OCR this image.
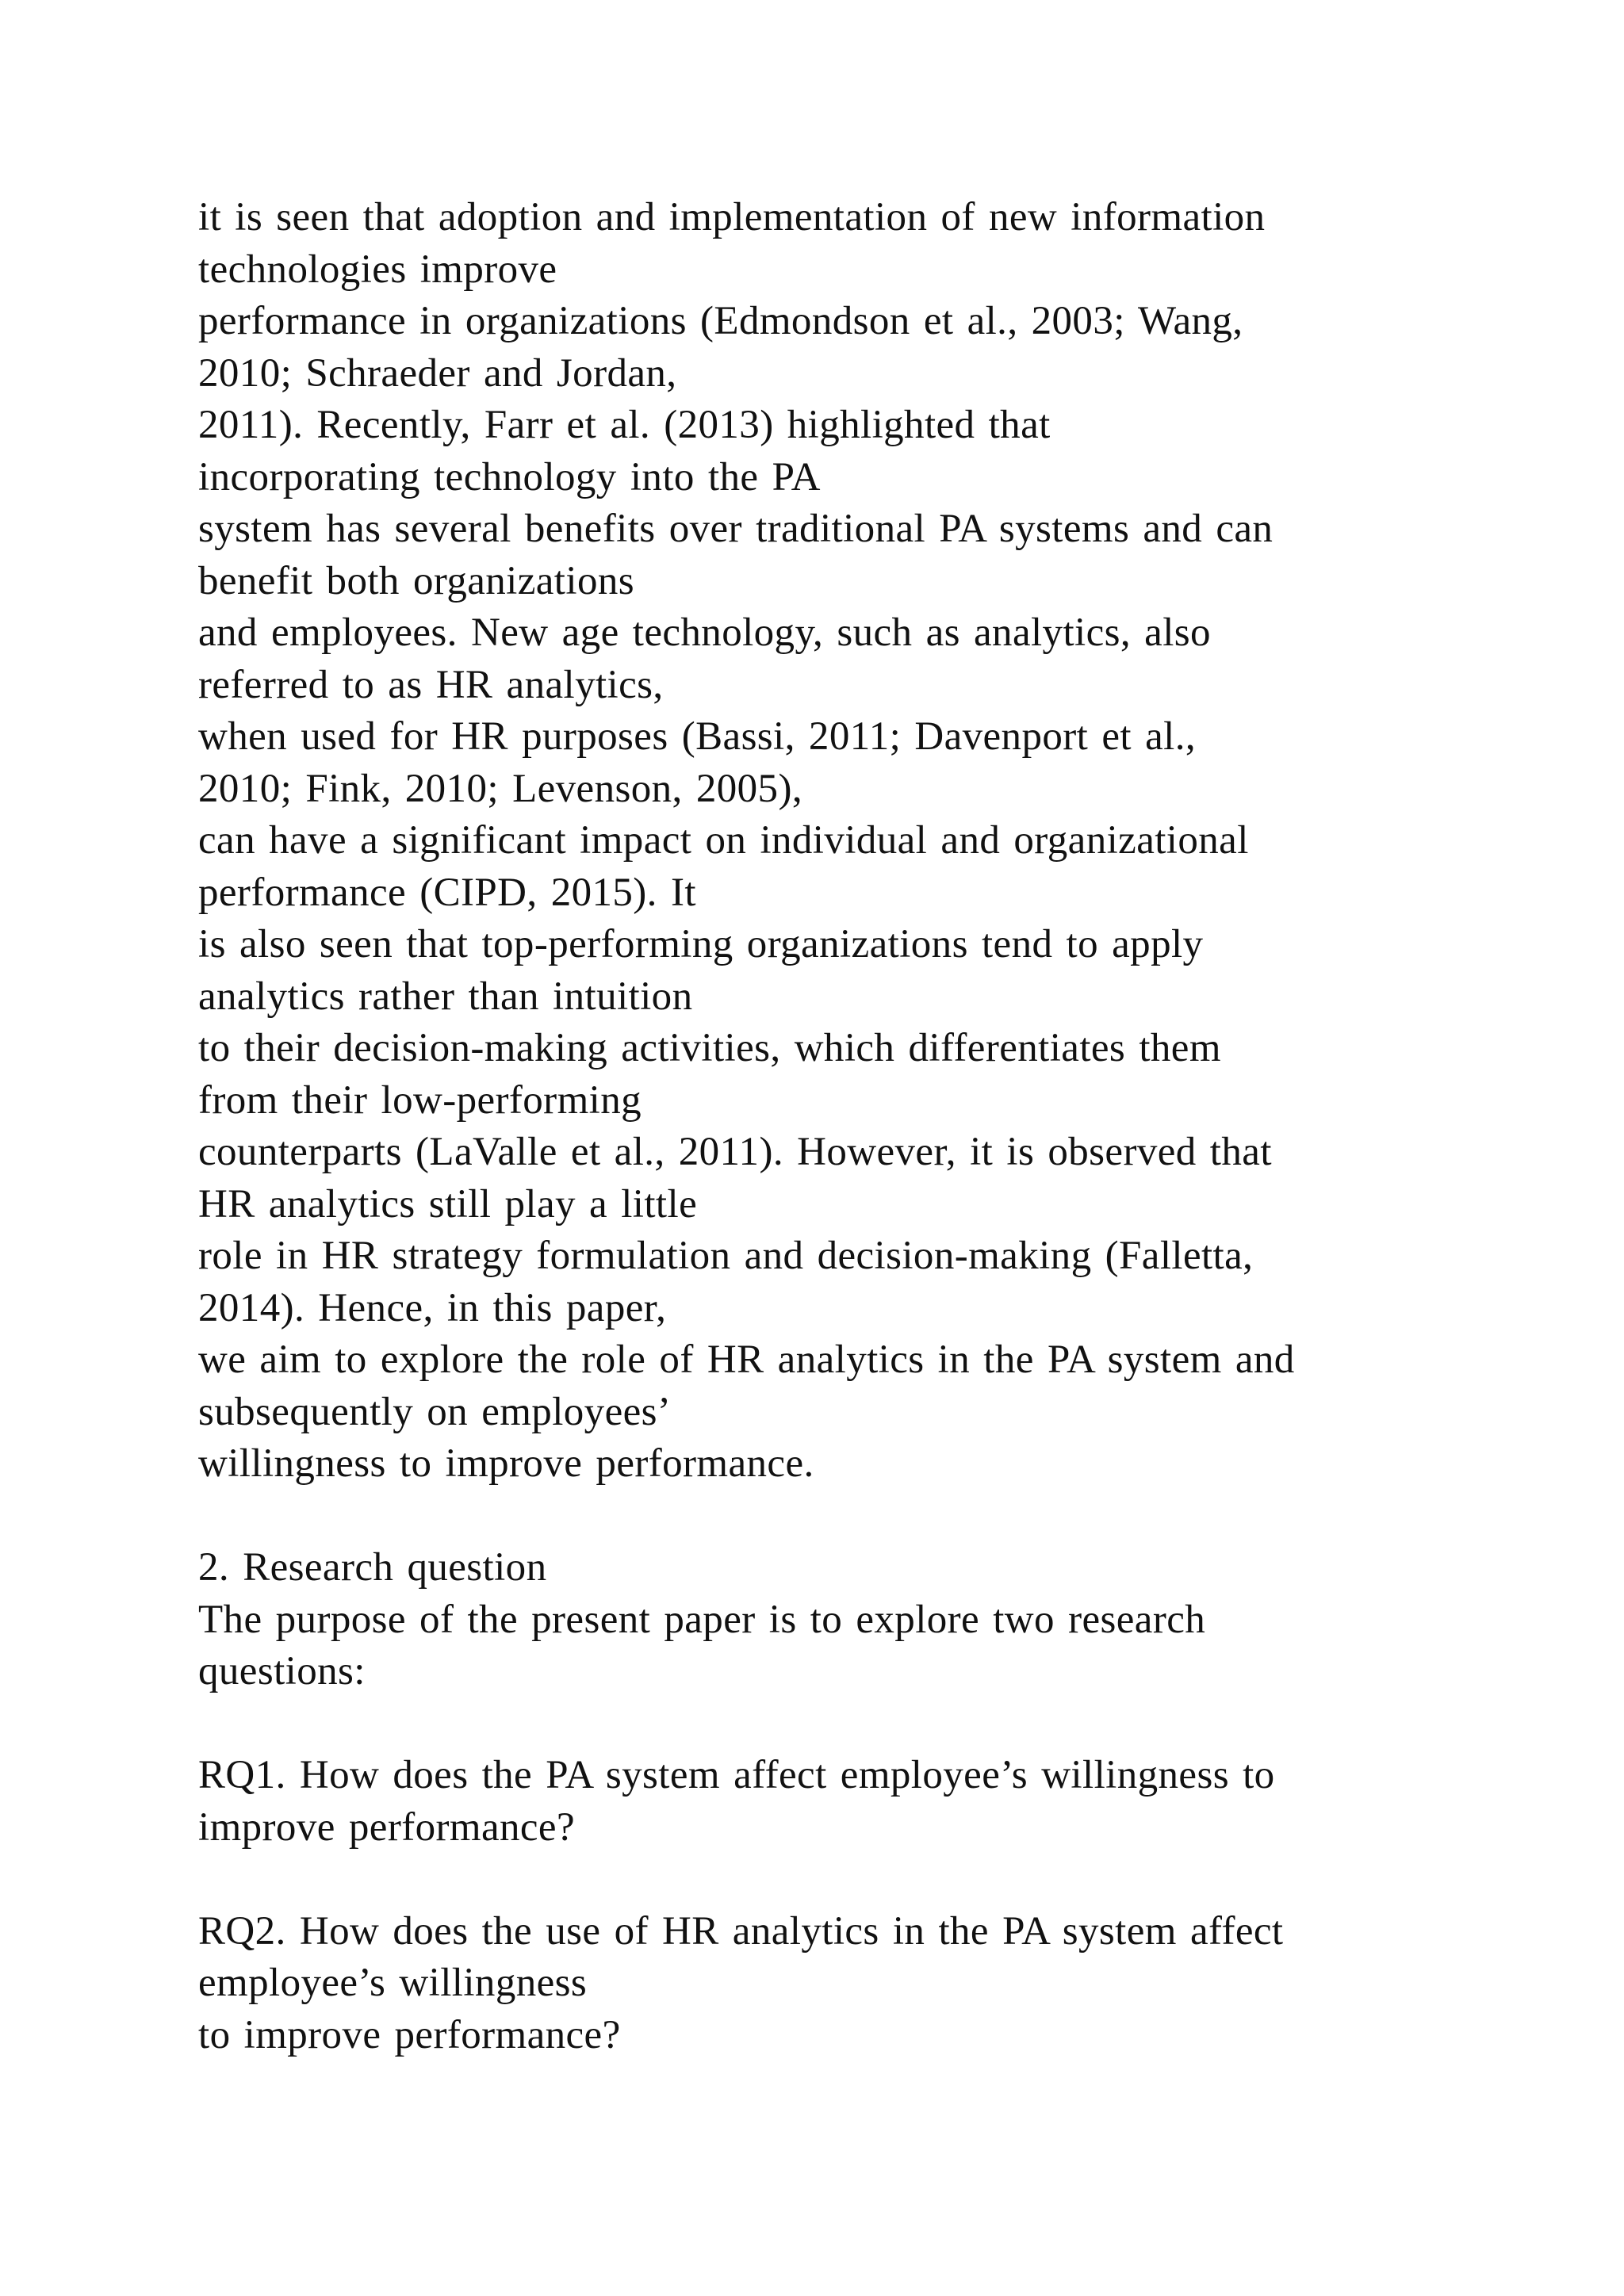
it is seen that adoption and implementation of new information
technologies improve
performance in organizations (Edmondson et al., 2003; Wang,
2010; Schraeder and Jordan,
2011). Recently, Farr et al. (2013) highlighted that
incorporating technology into the PA
system has several benefits over traditional PA systems and can
benefit both organizations
and employees. New age technology, such as analytics, also
referred to as HR analytics,
when used for HR purposes (Bassi, 2011; Davenport et al.,
2010; Fink, 2010; Levenson, 2005),
can have a significant impact on individual and organizational
performance (CIPD, 2015). It
is also seen that top-performing organizations tend to apply
analytics rather than intuition
to their decision-making activities, which differentiates them
from their low-performing
counterparts (LaValle et al., 2011). However, it is observed that
HR analytics still play a little
role in HR strategy formulation and decision-making (Falletta,
2014). Hence, in this paper,
we aim to explore the role of HR analytics in the PA system and
subsequently on employees’
willingness to improve performance.
2. Research question
The purpose of the present paper is to explore two research
questions:
RQ1. How does the PA system affect employee’s willingness to
improve performance?
RQ2. How does the use of HR analytics in the PA system affect
employee’s willingness
to improve performance?
